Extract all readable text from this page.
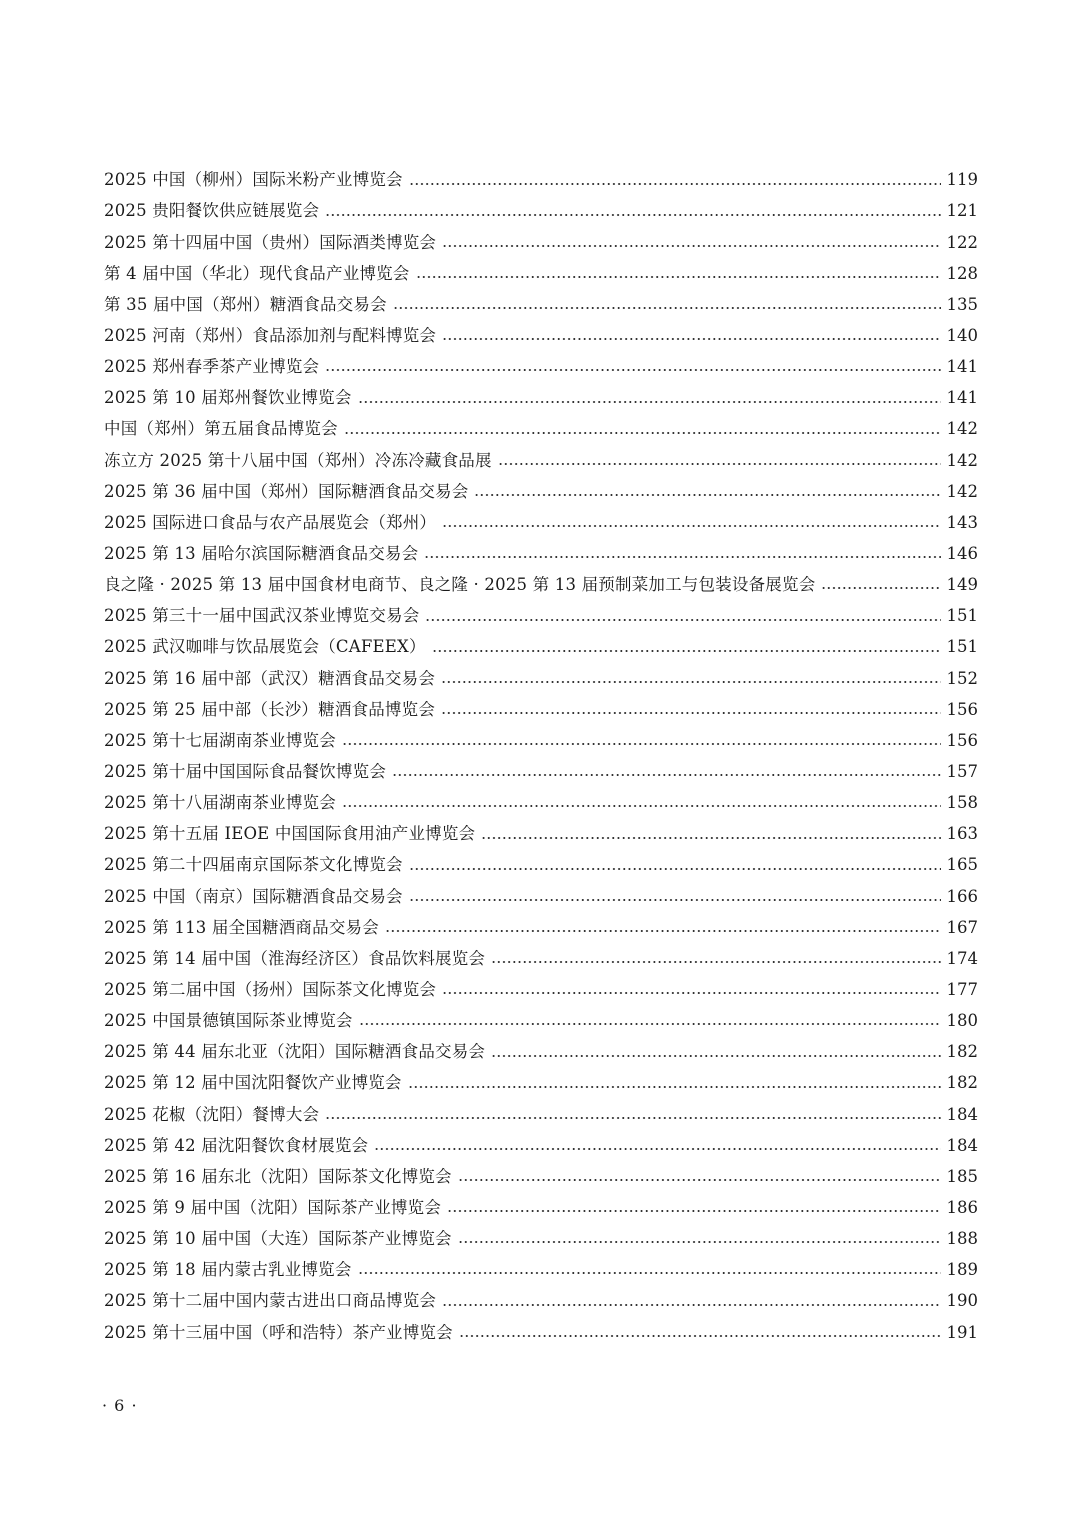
2025 中国（柳州）国际米粉产业博览会	119
2025 贵阳餐饮供应链展览会	121
2025 第十四届中国（贵州）国际酒类博览会	122
第 4 届中国（华北）现代食品产业博览会	128
第 35 届中国（郑州）糖酒食品交易会	135
2025 河南（郑州）食品添加剂与配料博览会	140
2025 郑州春季茶产业博览会	141
2025 第 10 届郑州餐饮业博览会	141
中国（郑州）第五届食品博览会	142
冻立方 2025 第十八届中国（郑州）冷冻冷藏食品展	142
2025 第 36 届中国（郑州）国际糖酒食品交易会	142
2025 国际进口食品与农产品展览会（郑州）	143
2025 第 13 届哈尔滨国际糖酒食品交易会	146
良之隆 · 2025 第 13 届中国食材电商节、良之隆 · 2025 第 13 届预制菜加工与包装设备展览会	149
2025 第三十一届中国武汉茶业博览交易会	151
2025 武汉咖啡与饮品展览会（CAFEEX）	151
2025 第 16 届中部（武汉）糖酒食品交易会	152
2025 第 25 届中部（长沙）糖酒食品博览会	156
2025 第十七届湖南茶业博览会	156
2025 第十届中国国际食品餐饮博览会	157
2025 第十八届湖南茶业博览会	158
2025 第十五届 IEOE 中国国际食用油产业博览会	163
2025 第二十四届南京国际茶文化博览会	165
2025 中国（南京）国际糖酒食品交易会	166
2025 第 113 届全国糖酒商品交易会	167
2025 第 14 届中国（淮海经济区）食品饮料展览会	174
2025 第二届中国（扬州）国际茶文化博览会	177
2025 中国景德镇国际茶业博览会	180
2025 第 44 届东北亚（沈阳）国际糖酒食品交易会	182
2025 第 12 届中国沈阳餐饮产业博览会	182
2025 花椒（沈阳）餐博大会	184
2025 第 42 届沈阳餐饮食材展览会	184
2025 第 16 届东北（沈阳）国际茶文化博览会	185
2025 第 9 届中国（沈阳）国际茶产业博览会	186
2025 第 10 届中国（大连）国际茶产业博览会	188
2025 第 18 届内蒙古乳业博览会	189
2025 第十二届中国内蒙古进出口商品博览会	190
2025 第十三届中国（呼和浩特）茶产业博览会	191
· 6 ·
